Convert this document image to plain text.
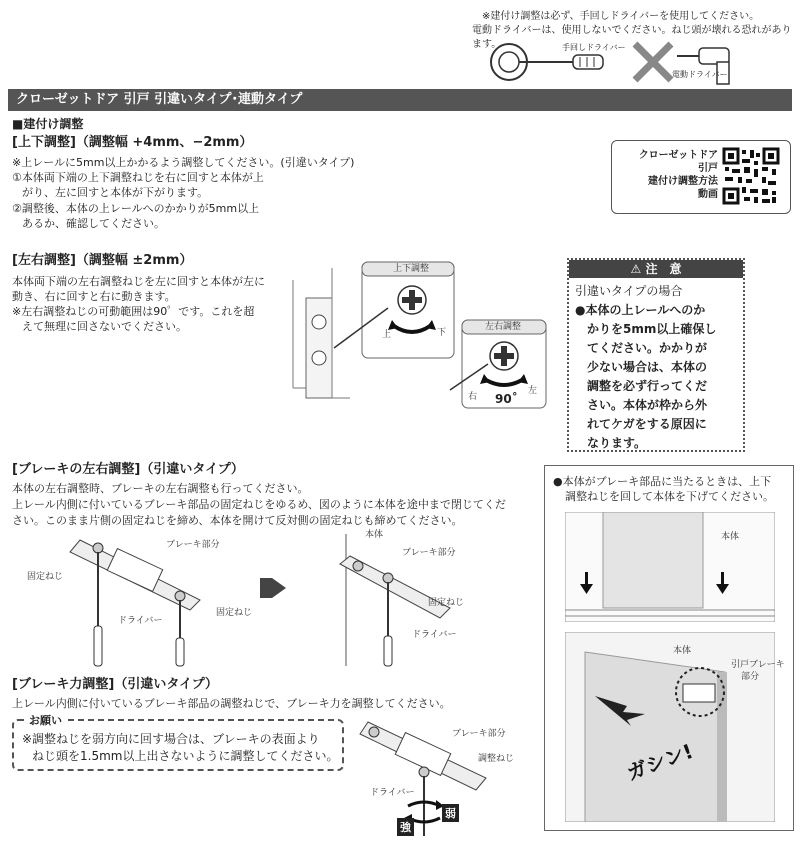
※建付け調整は必ず、手回しドライバーを使用してください。
電動ドライバーは、使用しないでください。ねじ頭が壊れる恐れがあります。	手回しドライバー
電動ドライバー
クローゼットドア 引戸 引違いタイプ･連動タイプ
■建付け調整
[上下調整]（調整幅 +4mm、−2mm）
※上レールに5mm以上かかるよう調整してください。(引違いタイプ)
①本体両下端の上下調整ねじを右に回すと本体が上
がり、左に回すと本体が下がります。
②調整後、本体の上レールへのかかりが5mm以上
あるか、確認してください。
クローゼットドア
引戸
建付け調整方法
動画
[左右調整]（調整幅 ±2mm）
本体両下端の左右調整ねじを左に回すと本体が左に
動き、右に回すと右に動きます。
※左右調整ねじの可動範囲は90゜です。これを超
えて無理に回さないでください。
上下調整
上	下
左右調整
右
左
90˚
⚠ 注　意
引違いタイプの場合
●本体の上レールへのか
かりを5mm以上確保し
てください。かかりが
少ない場合は、本体の
調整を必ず行ってくだ
さい。本体が枠から外
れてケガをする原因に
なります。
[ブレーキの左右調整]（引違いタイプ）
本体の左右調整時、ブレーキの左右調整も行ってください。
上レール内側に付いているブレーキ部品の固定ねじをゆるめ、図のように本体を途中まで閉じてくだ
さい。このまま片側の固定ねじを締め、本体を開けて反対側の固定ねじも締めてください。
固定ねじ
ブレーキ部分
ドライバー
固定ねじ
本体
ブレーキ部分
固定ねじ
ドライバー
●本体がブレーキ部品に当たるときは、上下
調整ねじを回して本体を下げてください。
本体
本体
引戸ブレーキ
部分
ガシン!
[ブレーキ力調整]（引違いタイプ）
上レール内側に付いているブレーキ部品の調整ねじで、ブレーキ力を調整してください。
お願い
※調整ねじを弱方向に回す場合は、ブレーキの表面より
ねじ頭を1.5mm以上出さないように調整してください。
ブレーキ部分
調整ねじ
ドライバー
強
弱
